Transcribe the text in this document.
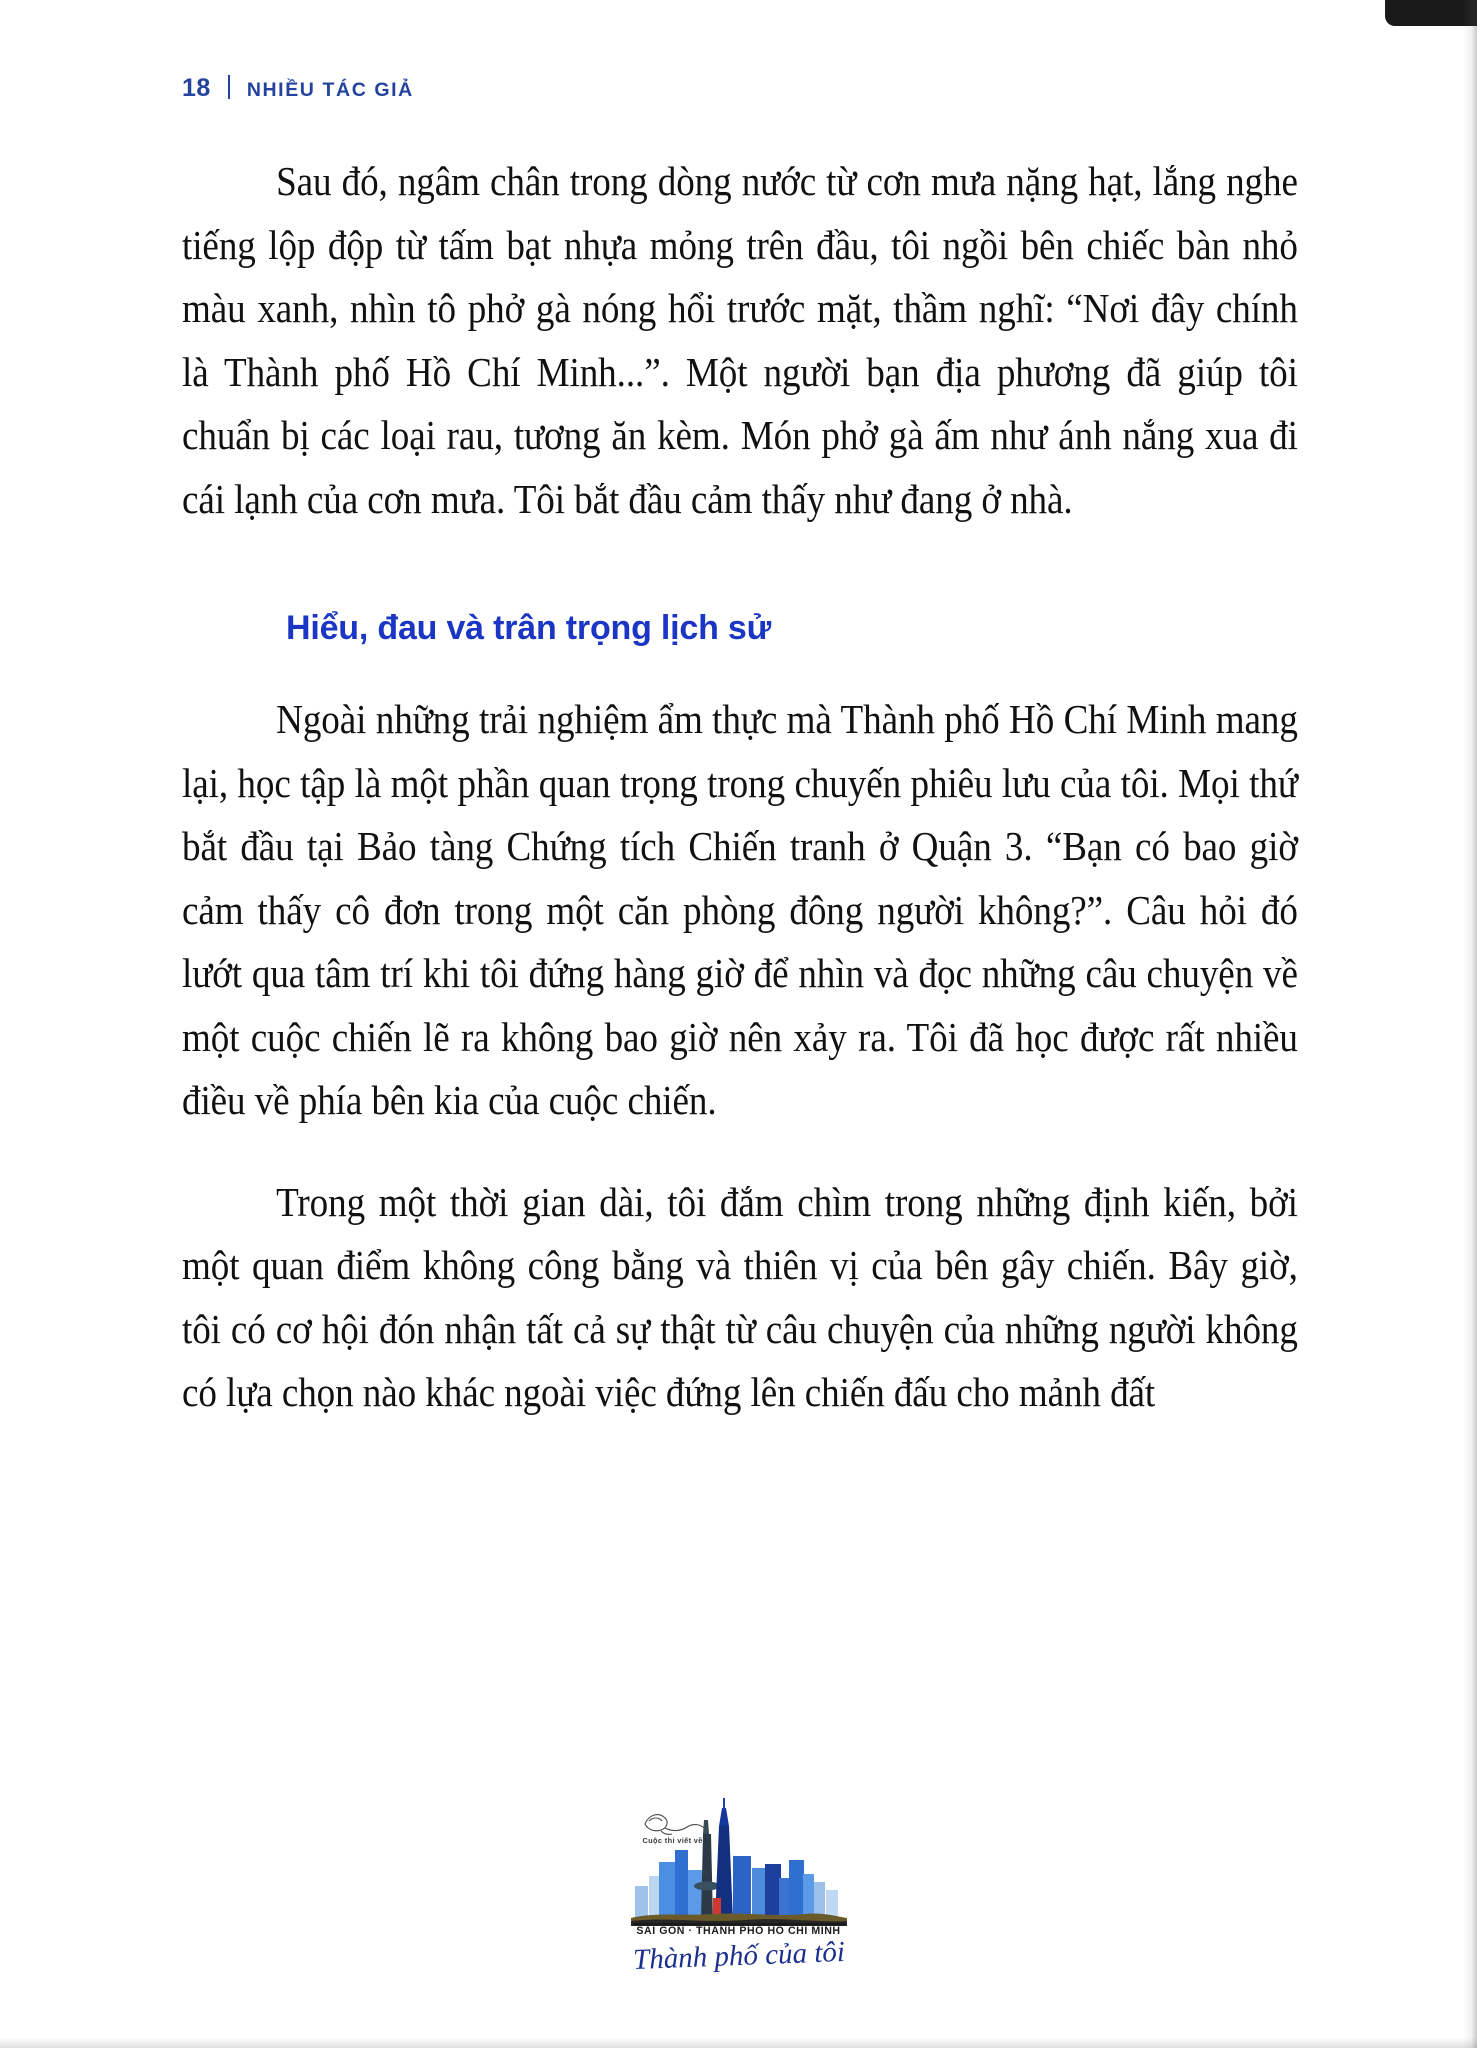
18 NHIỀU TÁC GIẢ

Sau đó, ngâm chân trong dòng nước từ cơn mưa nặng hạt, lắng nghe tiếng lộp độp từ tấm bạt nhựa mỏng trên đầu, tôi ngồi bên chiếc bàn nhỏ màu xanh, nhìn tô phở gà nóng hổi trước mặt, thầm nghĩ: “Nơi đây chính là Thành phố Hồ Chí Minh...”. Một người bạn địa phương đã giúp tôi chuẩn bị các loại rau, tương ăn kèm. Món phở gà ấm như ánh nắng xua đi cái lạnh của cơn mưa. Tôi bắt đầu cảm thấy như đang ở nhà.

Hiểu, đau và trân trọng lịch sử

Ngoài những trải nghiệm ẩm thực mà Thành phố Hồ Chí Minh mang lại, học tập là một phần quan trọng trong chuyến phiêu lưu của tôi. Mọi thứ bắt đầu tại Bảo tàng Chứng tích Chiến tranh ở Quận 3. “Bạn có bao giờ cảm thấy cô đơn trong một căn phòng đông người không?”. Câu hỏi đó lướt qua tâm trí khi tôi đứng hàng giờ để nhìn và đọc những câu chuyện về một cuộc chiến lẽ ra không bao giờ nên xảy ra. Tôi đã học được rất nhiều điều về phía bên kia của cuộc chiến.

Trong một thời gian dài, tôi đắm chìm trong những định kiến, bởi một quan điểm không công bằng và thiên vị của bên gây chiến. Bây giờ, tôi có cơ hội đón nhận tất cả sự thật từ câu chuyện của những người không có lựa chọn nào khác ngoài việc đứng lên chiến đấu cho mảnh đất

Cuộc thi viết về
SÀI GÒN · THÀNH PHỐ HỒ CHÍ MINH
Thành phố của tôi
